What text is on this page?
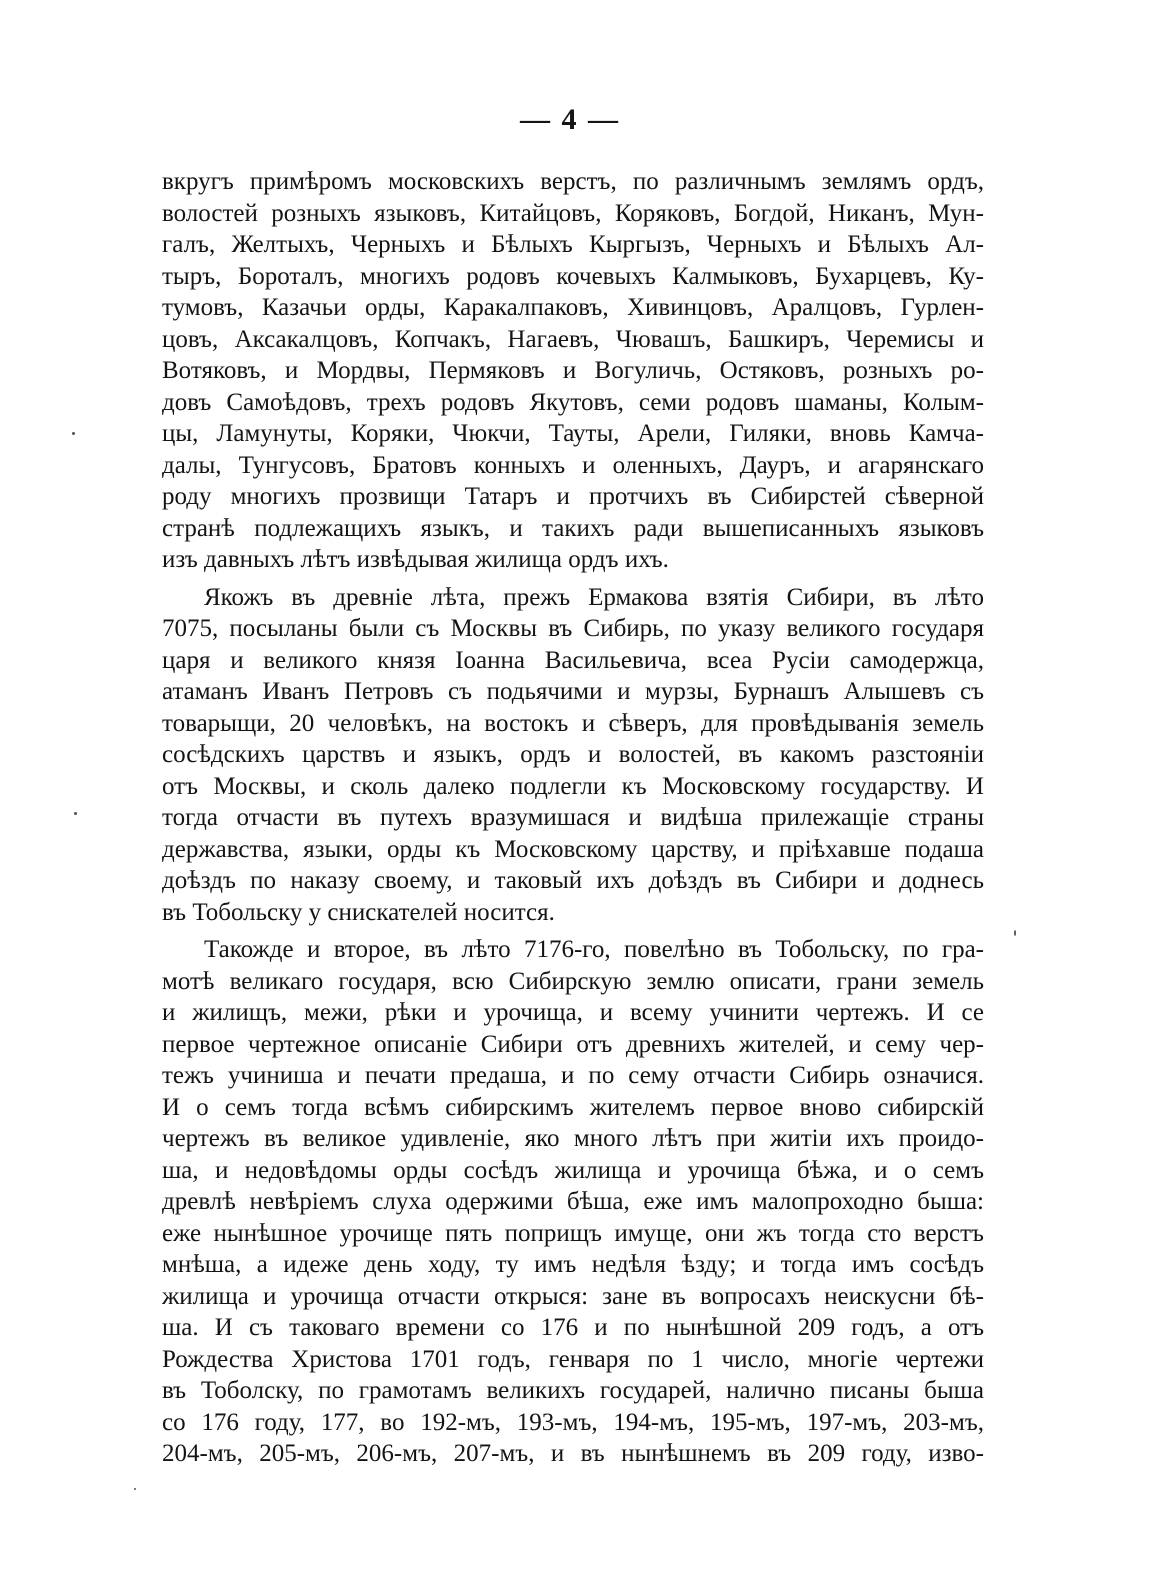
— 4 —
вкругъ примѣромъ московскихъ верстъ, по различнымъ землямъ ордъ,
волостей розныхъ языковъ, Китайцовъ, Коряковъ, Богдой, Никанъ, Мун-
галъ, Желтыхъ, Черныхъ и Бѣлыхъ Кыргызъ, Черныхъ и Бѣлыхъ Ал-
тыръ, Бороталъ, многихъ родовъ кочевыхъ Калмыковъ, Бухарцевъ, Ку-
тумовъ, Казачьи орды, Каракалпаковъ, Хивинцовъ, Аралцовъ, Гурлен-
цовъ, Аксакалцовъ, Копчакъ, Нагаевъ, Чювашъ, Башкиръ, Черемисы и
Вотяковъ, и Мордвы, Пермяковъ и Вогуличь, Остяковъ, розныхъ ро-
довъ Самоѣдовъ, трехъ родовъ Якутовъ, семи родовъ шаманы, Колым-
цы, Ламунуты, Коряки, Чюкчи, Тауты, Арели, Гиляки, вновь Камча-
далы, Тунгусовъ, Братовъ конныхъ и оленныхъ, Дауръ, и агарянскаго
роду многихъ прозвищи Татаръ и протчихъ въ Сибирстей сѣверной
странѣ подлежащихъ языкъ, и такихъ ради вышеписанныхъ языковъ
изъ давныхъ лѣтъ извѣдывая жилища ордъ ихъ.
Якожъ въ древніе лѣта, прежъ Ермакова взятія Сибири, въ лѣто
7075, посыланы были съ Москвы въ Сибирь, по указу великого государя
царя и великого князя Іоанна Васильевича, всеа Русіи самодержца,
атаманъ Иванъ Петровъ съ подьячими и мурзы, Бурнашъ Алышевъ съ
товарыщи, 20 человѣкъ, на востокъ и сѣверъ, для провѣдыванія земель
сосѣдскихъ царствъ и языкъ, ордъ и волостей, въ какомъ разстояніи
отъ Москвы, и сколь далеко подлегли къ Московскому государству. И
тогда отчасти въ путехъ вразумишася и видѣша прилежащіе страны
державства, языки, орды къ Московскому царству, и пріѣхавше подаша
доѣздъ по наказу своему, и таковый ихъ доѣздъ въ Сибири и доднесь
въ Тобольску у снискателей носится.
Такожде и второе, въ лѣто 7176-го, повелѣно въ Тобольску, по гра-
мотѣ великаго государя, всю Сибирскую землю описати, грани земель
и жилищъ, межи, рѣки и урочища, и всему учинити чертежъ. И се
первое чертежное описаніе Сибири отъ древнихъ жителей, и сему чер-
тежъ учиниша и печати предаша, и по сему отчасти Сибирь означися.
И о семъ тогда всѣмъ сибирскимъ жителемъ первое вново сибирскій
чертежъ въ великое удивленіе, яко много лѣтъ при житіи ихъ проидо-
ша, и недовѣдомы орды сосѣдъ жилища и урочища бѣжа, и о семъ
древлѣ невѣріемъ слуха одержими бѣша, еже имъ малопроходно быша:
еже нынѣшное урочище пять поприщъ имуще, они жъ тогда сто верстъ
мнѣша, а идеже день ходу, ту имъ недѣля ѣзду; и тогда имъ сосѣдъ
жилища и урочища отчасти открыся: зане въ вопросахъ неискусни бѣ-
ша. И съ таковаго времени со 176 и по нынѣшной 209 годъ, а отъ
Рождества Христова 1701 годъ, генваря по 1 число, многіе чертежи
въ Тоболску, по грамотамъ великихъ государей, налично писаны быша
со 176 году, 177, во 192-мъ, 193-мъ, 194-мъ, 195-мъ, 197-мъ, 203-мъ,
204-мъ, 205-мъ, 206-мъ, 207-мъ, и въ нынѣшнемъ въ 209 году, изво-
